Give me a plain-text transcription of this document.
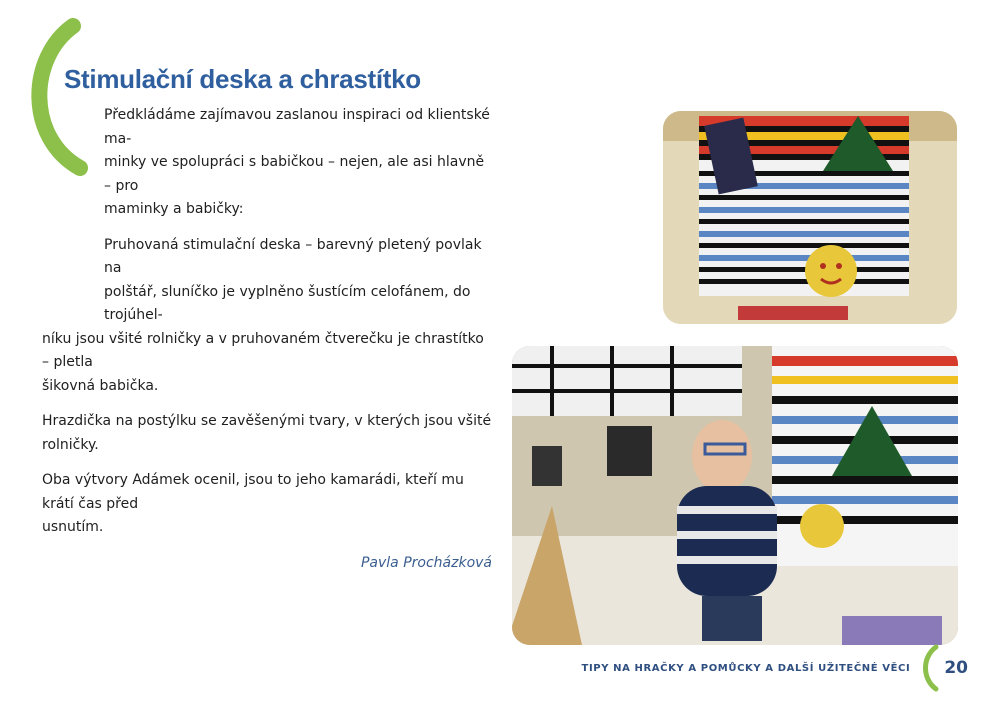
Stimulační deska a chrastítko

Předkládáme zajímavou zaslanou inspiraci od klientské ma-
minky ve spolupráci s babičkou – nejen, ale asi hlavně – pro
maminky a babičky:

Pruhovaná stimulační deska – barevný pletený povlak na
polštář, sluníčko je vyplněno šustícím celofánem, do trojúhel-
níku jsou všité rolničky a v pruhovaném čtverečku je chrastítko – pletla
šikovná babička.

Hrazdička na postýlku se zavěšenými tvary, v kterých jsou všité rolničky.

Oba výtvory Adámek ocenil, jsou to jeho kamarádi, kteří mu krátí čas před
usnutím.

Pavla Procházková
TIPY NA HRAČKY A POMŮCKY A DALŠÍ UŽITEČNÉ VĚCI 20
